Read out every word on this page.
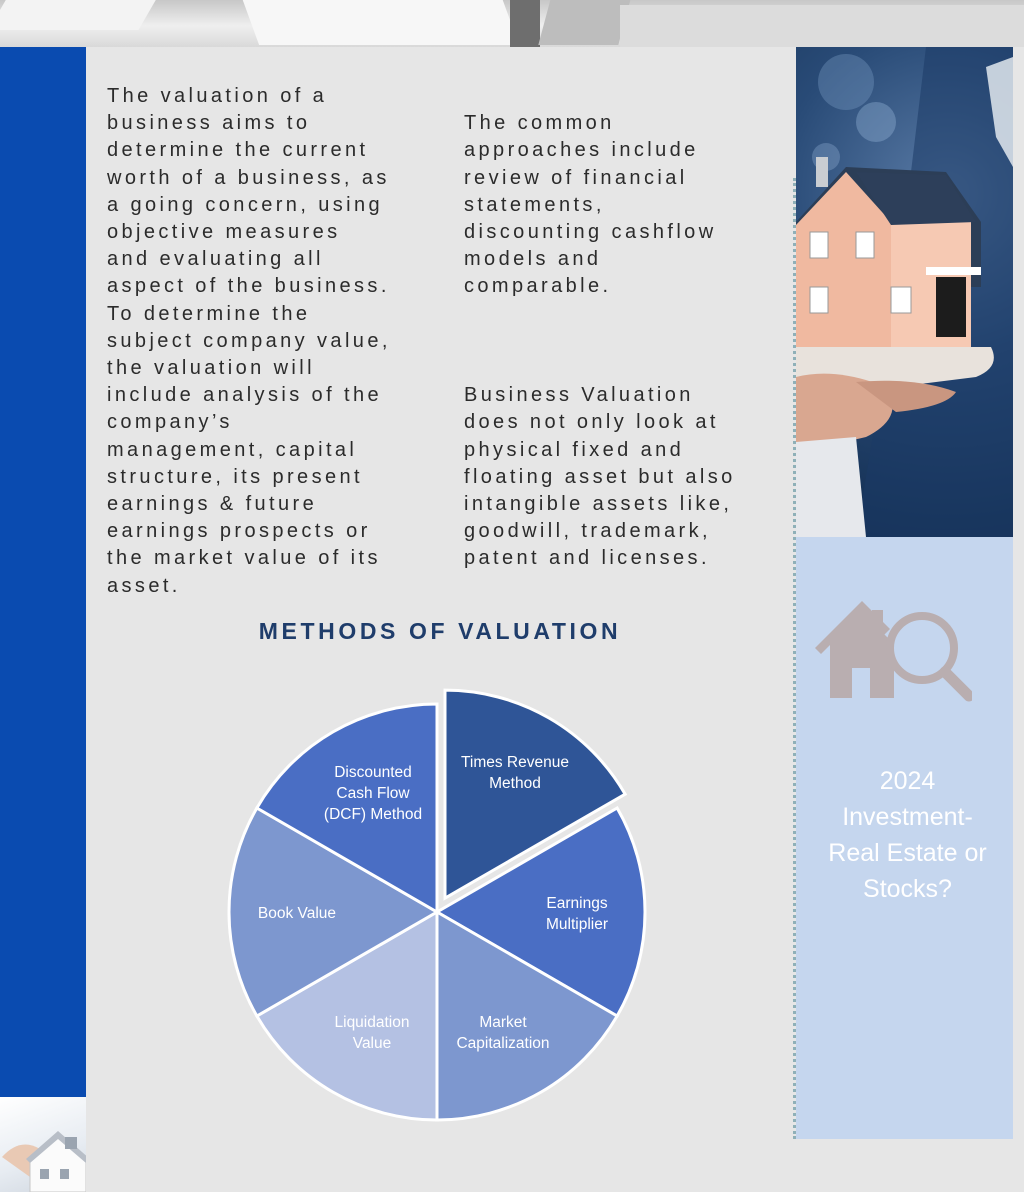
The valuation of a
business aims to
determine the current
worth of a business, as
a going concern, using
objective measures
and evaluating all
aspect of the business.
To determine the
subject company value,
the valuation will
include analysis of the
company’s
management, capital
structure, its present
earnings & future
earnings prospects or
the market value of its
asset.

The common
approaches include
review of financial
statements,
discounting cashflow
models and
comparable.

Business Valuation
does not only look at
physical fixed and
floating asset but also
intangible assets like,
goodwill, trademark,
patent and licenses.

METHODS OF VALUATION
Times Revenue Method
Earnings Multiplier
Market Capitalization
Liquidation Value
Book Value
Discounted Cash Flow (DCF) Method
2024
Investment-
Real Estate or
Stocks?
